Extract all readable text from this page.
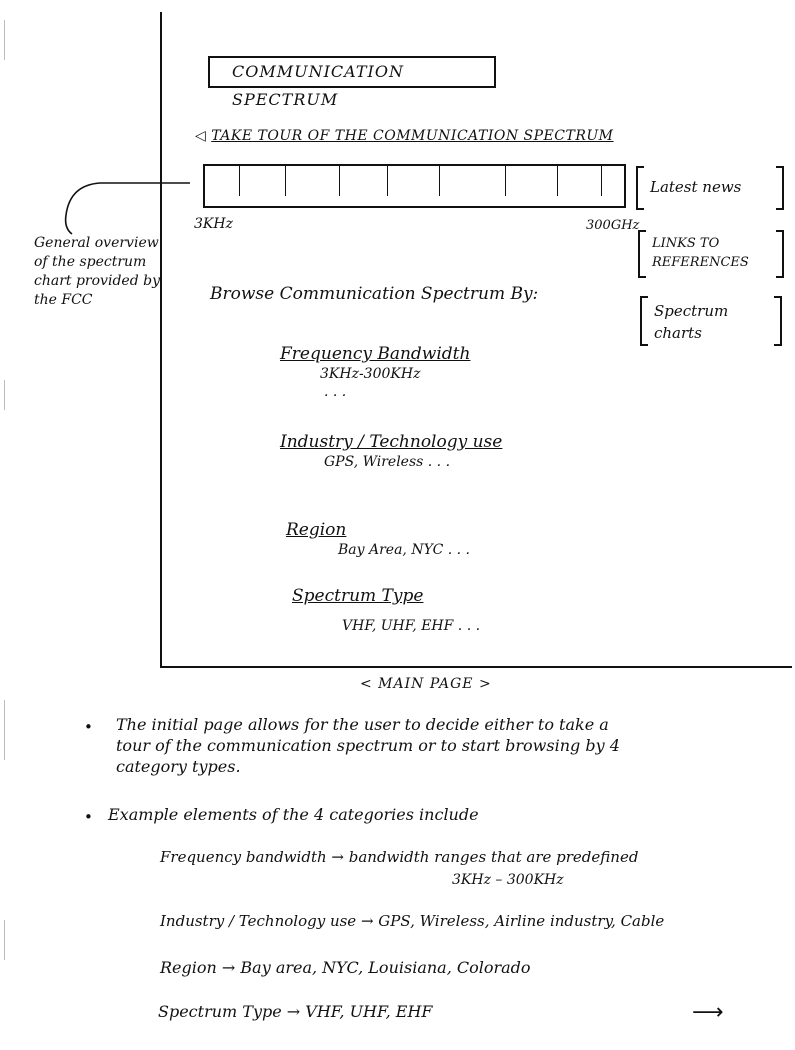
COMMUNICATION SPECTRUM
◁ TAKE TOUR OF THE COMMUNICATION SPECTRUM
3KHz	300GHz
Latest news
LINKS TO REFERENCES
Spectrum charts
General overview of the spectrum chart provided by the FCC	Browse Communication Spectrum By:
Frequency Bandwidth
3KHz-300KHz
. . .
Industry / Technology use
GPS, Wireless . . .
Region
Bay Area, NYC . . .
Spectrum Type
VHF, UHF, EHF . . .
< MAIN PAGE >
• The initial page allows for the user to decide either to take a tour of the communication spectrum or to start browsing by 4 category types.
• Example elements of the 4 categories include
Frequency bandwidth → bandwidth ranges that are predefined
3KHz – 300KHz
Industry / Technology use → GPS, Wireless, Airline industry, Cable
Region → Bay area, NYC, Louisiana, Colorado
Spectrum Type → VHF, UHF, EHF	⟶
